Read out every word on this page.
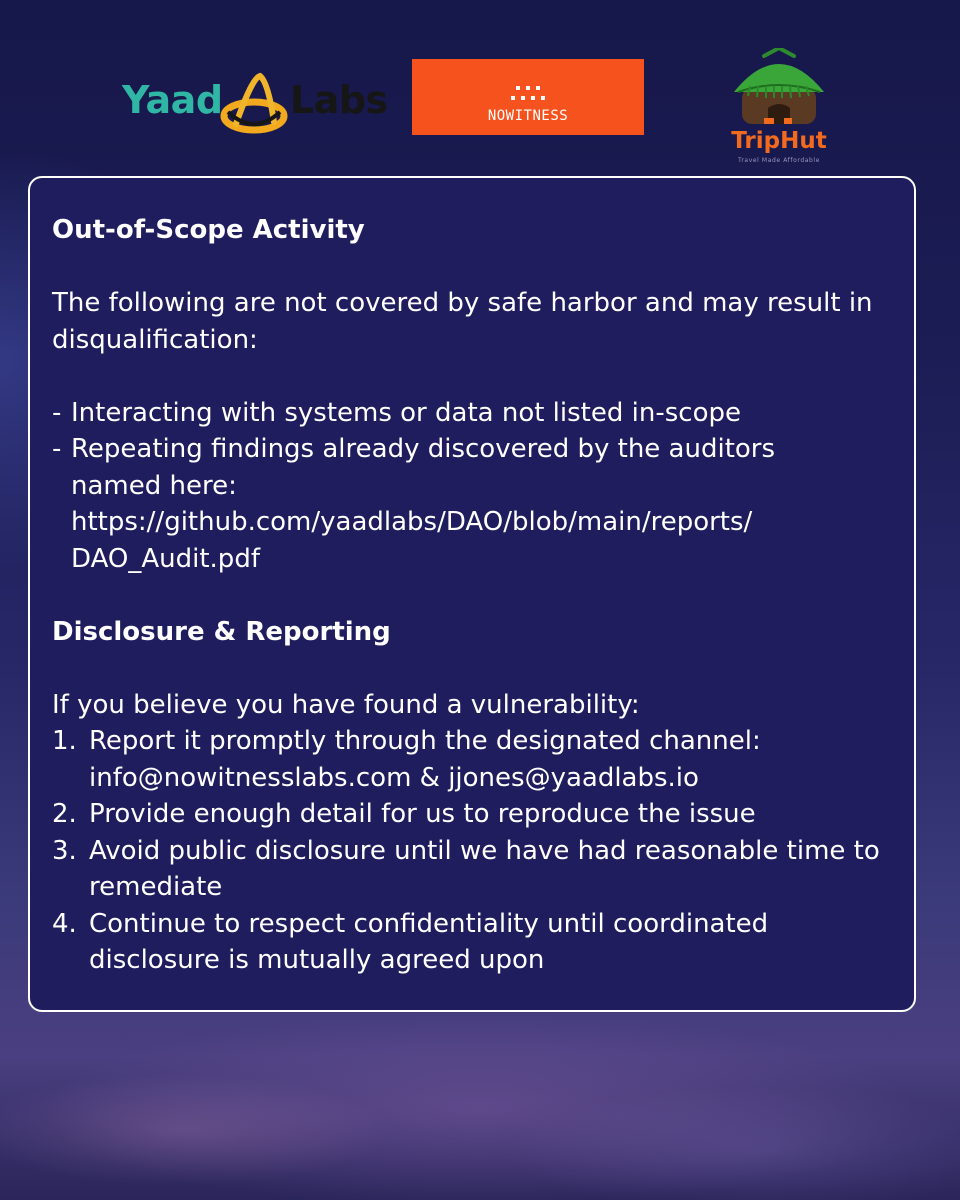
Yaad Labs	NOWITNESS
TripHut
Travel Made Affordable
Out-of-Scope Activity
The following are not covered by safe harbor and may result in
disqualification:
- Interacting with systems or data not listed in-scope
- Repeating findings already discovered by the auditors
named here:
https://github.com/yaadlabs/DAO/blob/main/reports/
DAO_Audit.pdf
Disclosure & Reporting
If you believe you have found a vulnerability:
1. Report it promptly through the designated channel:
info@nowitnesslabs.com & jjones@yaadlabs.io
2. Provide enough detail for us to reproduce the issue
3. Avoid public disclosure until we have had reasonable time to
remediate
4. Continue to respect confidentiality until coordinated
disclosure is mutually agreed upon
